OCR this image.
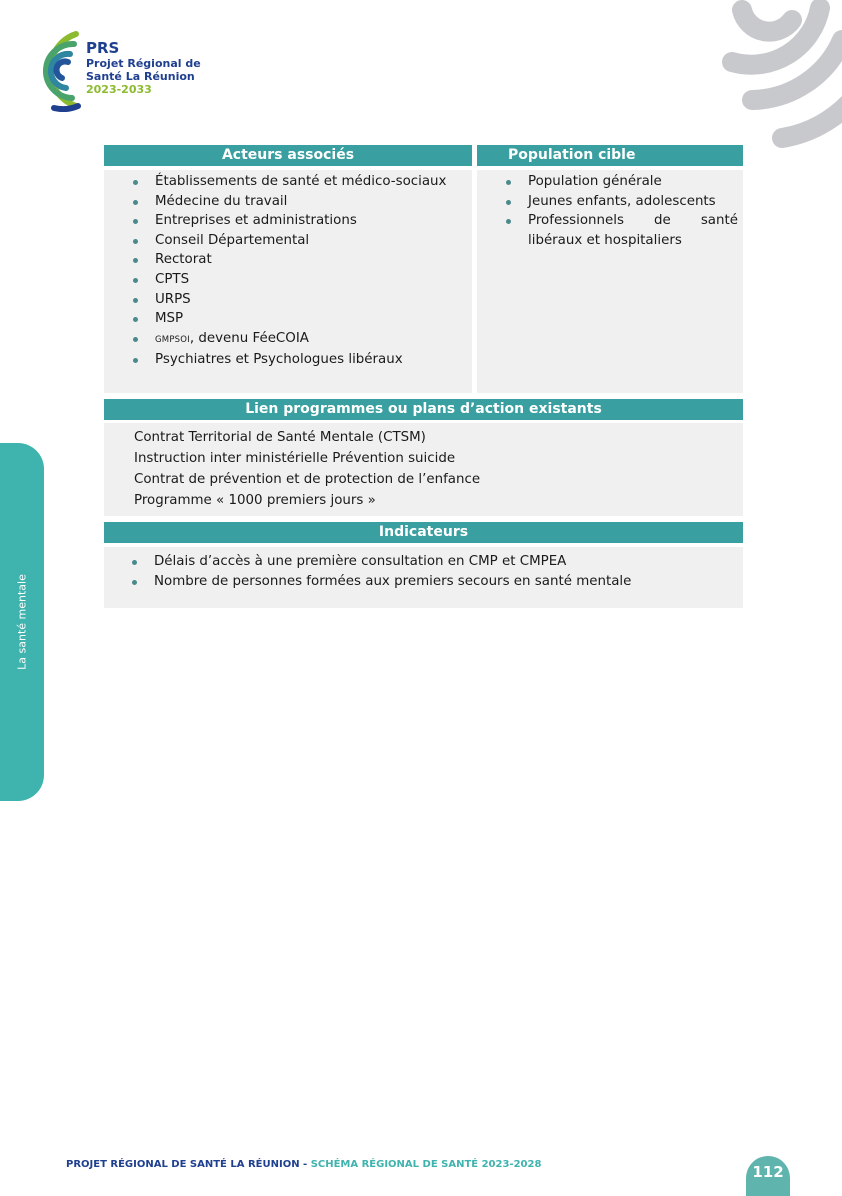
PRS
Projet Régional de
Santé La Réunion
2023-2033
La santé mentale
Acteurs associés
Établissements de santé et médico-sociaux
Médecine du travail
Entreprises et administrations
Conseil Départemental
Rectorat
CPTS
URPS
MSP
GMPSOI, devenu FéeCOIA
Psychiatres et Psychologues libéraux
Population cible
Population générale
Jeunes enfants, adolescents
Professionnels de santé libéraux et hospitaliers
Lien programmes ou plans d’action existants
Contrat Territorial de Santé Mentale (CTSM)
Instruction inter ministérielle Prévention suicide
Contrat de prévention et de protection de l’enfance
Programme « 1000 premiers jours »
Indicateurs
Délais d’accès à une première consultation en CMP et CMPEA
Nombre de personnes formées aux premiers secours en santé mentale
PROJET RÉGIONAL DE SANTÉ LA RÉUNION - SCHÉMA RÉGIONAL DE SANTÉ 2023-2028	112
